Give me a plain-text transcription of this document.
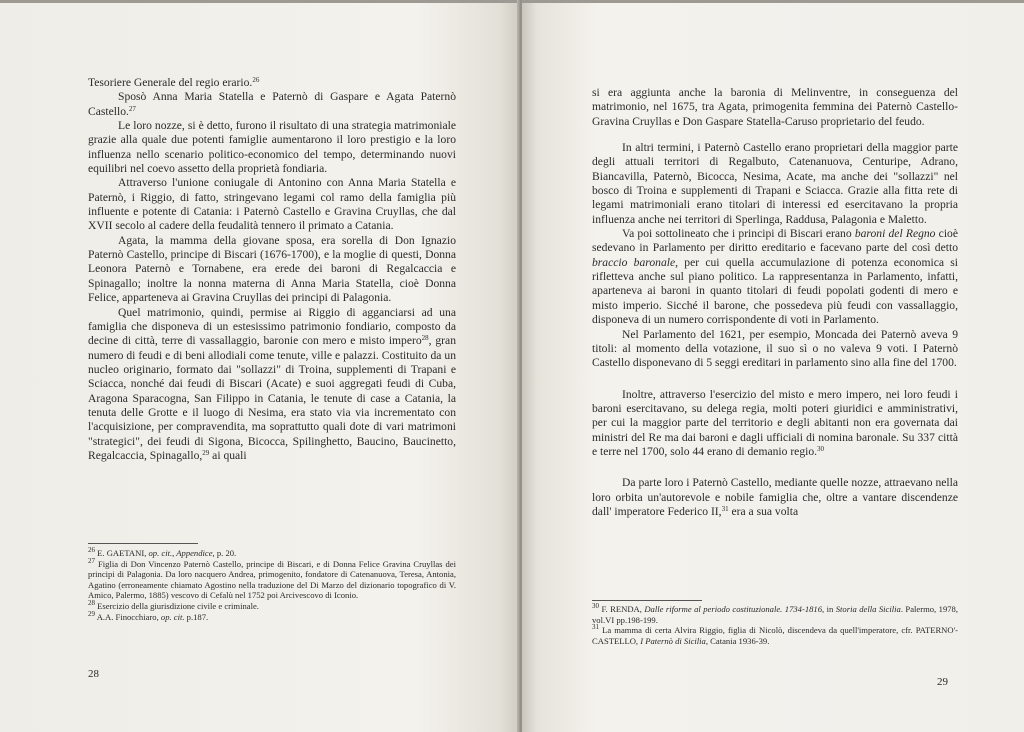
Tesoriere Generale del regio erario.$^{26}$

Sposò Anna Maria Statella e Paternò di Gaspare e Agata Paternò Castello.$^{27}$

Le loro nozze, si è detto, furono il risultato di una strategia matrimoniale grazie alla quale due potenti famiglie aumentarono il loro prestigio e la loro influenza nello scenario politico-economico del tempo, determinando nuovi equilibri nel coevo assetto della proprietà fondiaria.

Attraverso l'unione coniugale di Antonino con Anna Maria Statella e Paternò, i Riggio, di fatto, stringevano legami col ramo della famiglia più influente e potente di Catania: i Paternò Castello e Gravina Cruyllas, che dal XVII secolo al cadere della feudalità tennero il primato a Catania.

Agata, la mamma della giovane sposa, era sorella di Don Ignazio Paternò Castello, principe di Biscari (1676-1700), e la moglie di questi, Donna Leonora Paternò e Tornabene, era erede dei baroni di Regalcaccia e Spinagallo; inoltre la nonna materna di Anna Maria Statella, cioè Donna Felice, apparteneva ai Gravina Cruyllas dei principi di Palagonia.

Quel matrimonio, quindi, permise ai Riggio di agganciarsi ad una famiglia che disponeva di un estesissimo patrimonio fondiario, composto da decine di città, terre di vassallaggio, baronie con mero e misto impero$^{28}$, gran numero di feudi e di beni allodiali come tenute, ville e palazzi. Costituito da un nucleo originario, formato dai "sollazzi" di Troina, supplementi di Trapani e Sciacca, nonché dai feudi di Biscari (Acate) e suoi aggregati feudi di Cuba, Aragona Sparacogna, San Filippo in Catania, le tenute di case a Catania, la tenuta delle Grotte e il luogo di Nesima, era stato via via incrementato con l'acquisizione, per compravendita, ma soprattutto quali dote di vari matrimoni "strategici", dei feudi di Sigona, Bicocca, Spilinghetto, Baucino, Baucinetto, Regalcaccia, Spinagallo,$^{29}$ ai quali

$^{26}$ E. GAETANI, op. cit., Appendice, p. 20.

$^{27}$ Figlia di Don Vincenzo Paternò Castello, principe di Biscari, e di Donna Felice Gravina Cruyllas dei principi di Palagonia. Da loro nacquero Andrea, primogenito, fondatore di Catenanuova, Teresa, Antonia, Agatino (erroneamente chiamato Agostino nella traduzione del Di Marzo del dizionario topografico di V. Amico, Palermo, 1885) vescovo di Cefalù nel 1752 poi Arcivescovo di Iconio.

$^{28}$ Esercizio della giurisdizione civile e criminale.

$^{29}$ A.A. Finocchiaro, op. cit. p.187.

28

si era aggiunta anche la baronia di Melinventre, in conseguenza del matrimonio, nel 1675, tra Agata, primogenita femmina dei Paternò Castello-Gravina Cruyllas e Don Gaspare Statella-Caruso proprietario del feudo.

In altri termini, i Paternò Castello erano proprietari della maggior parte degli attuali territori di Regalbuto, Catenanuova, Centuripe, Adrano, Biancavilla, Paternò, Bicocca, Nesima, Acate, ma anche dei "sollazzi" nel bosco di Troina e supplementi di Trapani e Sciacca. Grazie alla fitta rete di legami matrimoniali erano titolari di interessi ed esercitavano la propria influenza anche nei territori di Sperlinga, Raddusa, Palagonia e Maletto.

Va poi sottolineato che i principi di Biscari erano baroni del Regno cioè sedevano in Parlamento per diritto ereditario e facevano parte del così detto braccio baronale, per cui quella accumulazione di potenza economica si rifletteva anche sul piano politico. La rappresentanza in Parlamento, infatti, aparteneva ai baroni in quanto titolari di feudi popolati godenti di mero e misto imperio. Sicché il barone, che possedeva più feudi con vassallaggio, disponeva di un numero corrispondente di voti in Parlamento.

Nel Parlamento del 1621, per esempio, Moncada dei Paternò aveva 9 titoli: al momento della votazione, il suo sì o no valeva 9 voti. I Paternò Castello disponevano di 5 seggi ereditari in parlamento sino alla fine del 1700.

Inoltre, attraverso l'esercizio del misto e mero impero, nei loro feudi i baroni esercitavano, su delega regia, molti poteri giuridici e amministrativi, per cui la maggior parte del territorio e degli abitanti non era governata dai ministri del Re ma dai baroni e dagli ufficiali di nomina baronale. Su 337 città e terre nel 1700, solo 44 erano di demanio regio.$^{30}$

Da parte loro i Paternò Castello, mediante quelle nozze, attraevano nella loro orbita un'autorevole e nobile famiglia che, oltre a vantare discendenze dall' imperatore Federico II,$^{31}$ era a sua volta

$^{30}$ F. RENDA, Dalle riforme al periodo costituzionale. 1734-1816, in Storia della Sicilia. Palermo, 1978, vol.VI pp.198-199.

$^{31}$ La mamma di certa Alvira Riggio, figlia di Nicolò, discendeva da quell'imperatore, cfr. PATERNO'-CASTELLO, I Paternò di Sicilia, Catania 1936-39.

29
